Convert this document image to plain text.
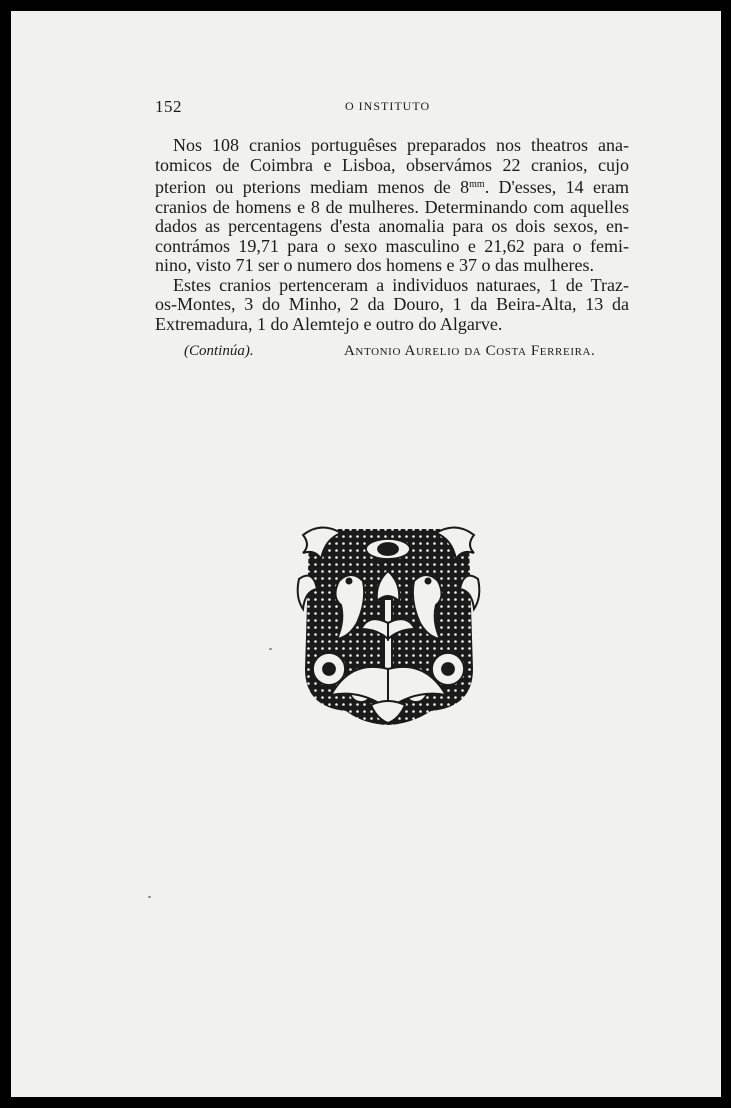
152	O INSTITUTO
Nos 108 cranios portuguêses preparados nos theatros ana-
tomicos de Coimbra e Lisboa, observámos 22 cranios, cujo
pterion ou pterions mediam menos de $8^{mm}$. D'esses, 14 eram
cranios de homens e 8 de mulheres. Determinando com aquelles
dados as percentagens d'esta anomalia para os dois sexos, en-
contrámos 19,71 para o sexo masculino e 21,62 para o femi-
nino, visto 71 ser o numero dos homens e 37 o das mulheres.
Estes cranios pertenceram a individuos naturaes, 1 de Traz-
os-Montes, 3 do Minho, 2 da Douro, 1 da Beira-Alta, 13 da
Extremadura, 1 do Alemtejo e outro do Algarve.
(Continúa).	Antonio Aurelio da Costa Ferreira.
